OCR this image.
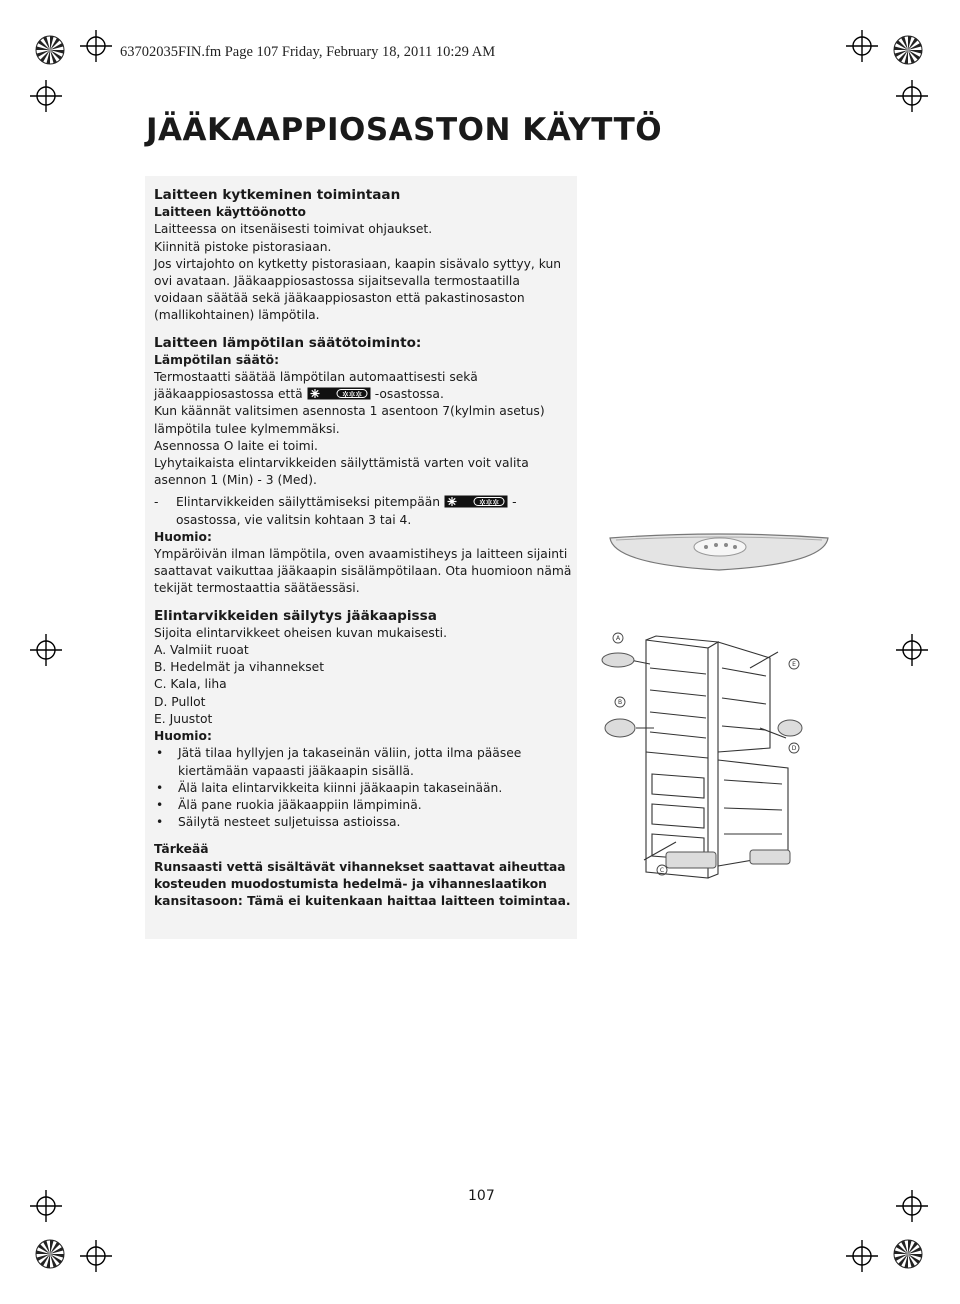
63702035FIN.fm Page 107 Friday, February 18, 2011 10:29 AM
JÄÄKAAPPIOSASTON KÄYTTÖ

Laitteen kytkeminen toimintaan

Laitteen käyttöönotto

Laitteessa on itsenäisesti toimivat ohjaukset.

Kiinnitä pistoke pistorasiaan.

Jos virtajohto on kytketty pistorasiaan, kaapin sisävalo syttyy, kun ovi avataan. Jääkaappiosastossa sijaitsevalla termostaatilla voidaan säätää sekä jääkaappiosaston että pakastinosaston (mallikohtainen) lämpötila.

Laitteen lämpötilan säätötoiminto:

Lämpötilan säätö:

Termostaatti säätää lämpötilan automaattisesti sekä jääkaappiosastossa että	✲✲✲ -osastossa.

Kun käännät valitsimen asennosta 1 asentoon 7(kylmin asetus) lämpötila tulee kylmemmäksi.

Asennossa O laite ei toimi.

Lyhytaikaista elintarvikkeiden säilyttämistä varten voit valita asennon 1 (Min) - 3 (Med).

-	Elintarvikkeiden säilyttämiseksi pitempään	✲✲✲ -osastossa, vie valitsin kohtaan 3 tai 4.

Huomio:

Ympäröivän ilman lämpötila, oven avaamistiheys ja laitteen sijainti saattavat vaikuttaa jääkaapin sisälämpötilaan. Ota huomioon nämä tekijät termostaattia säätäessäsi.

Elintarvikkeiden säilytys jääkaapissa

Sijoita elintarvikkeet oheisen kuvan mukaisesti.

A. Valmiit ruoat

B. Hedelmät ja vihannekset

C. Kala, liha

D. Pullot

E. Juustot

Huomio:

•	Jätä tilaa hyllyjen ja takaseinän väliin, jotta ilma pääsee kiertämään vapaasti jääkaapin sisällä.

•	Älä laita elintarvikkeita kiinni jääkaapin takaseinään.

•	Älä pane ruokia jääkaappiin lämpiminä.

•	Säilytä nesteet suljetuissa astioissa.

Tärkeää

Runsaasti vettä sisältävät vihannekset saattavat aiheuttaa kosteuden muodostumista hedelmä- ja vihanneslaatikon kansitasoon: Tämä ei kuitenkaan haittaa laitteen toimintaa.

A
B
C
D
E
107
